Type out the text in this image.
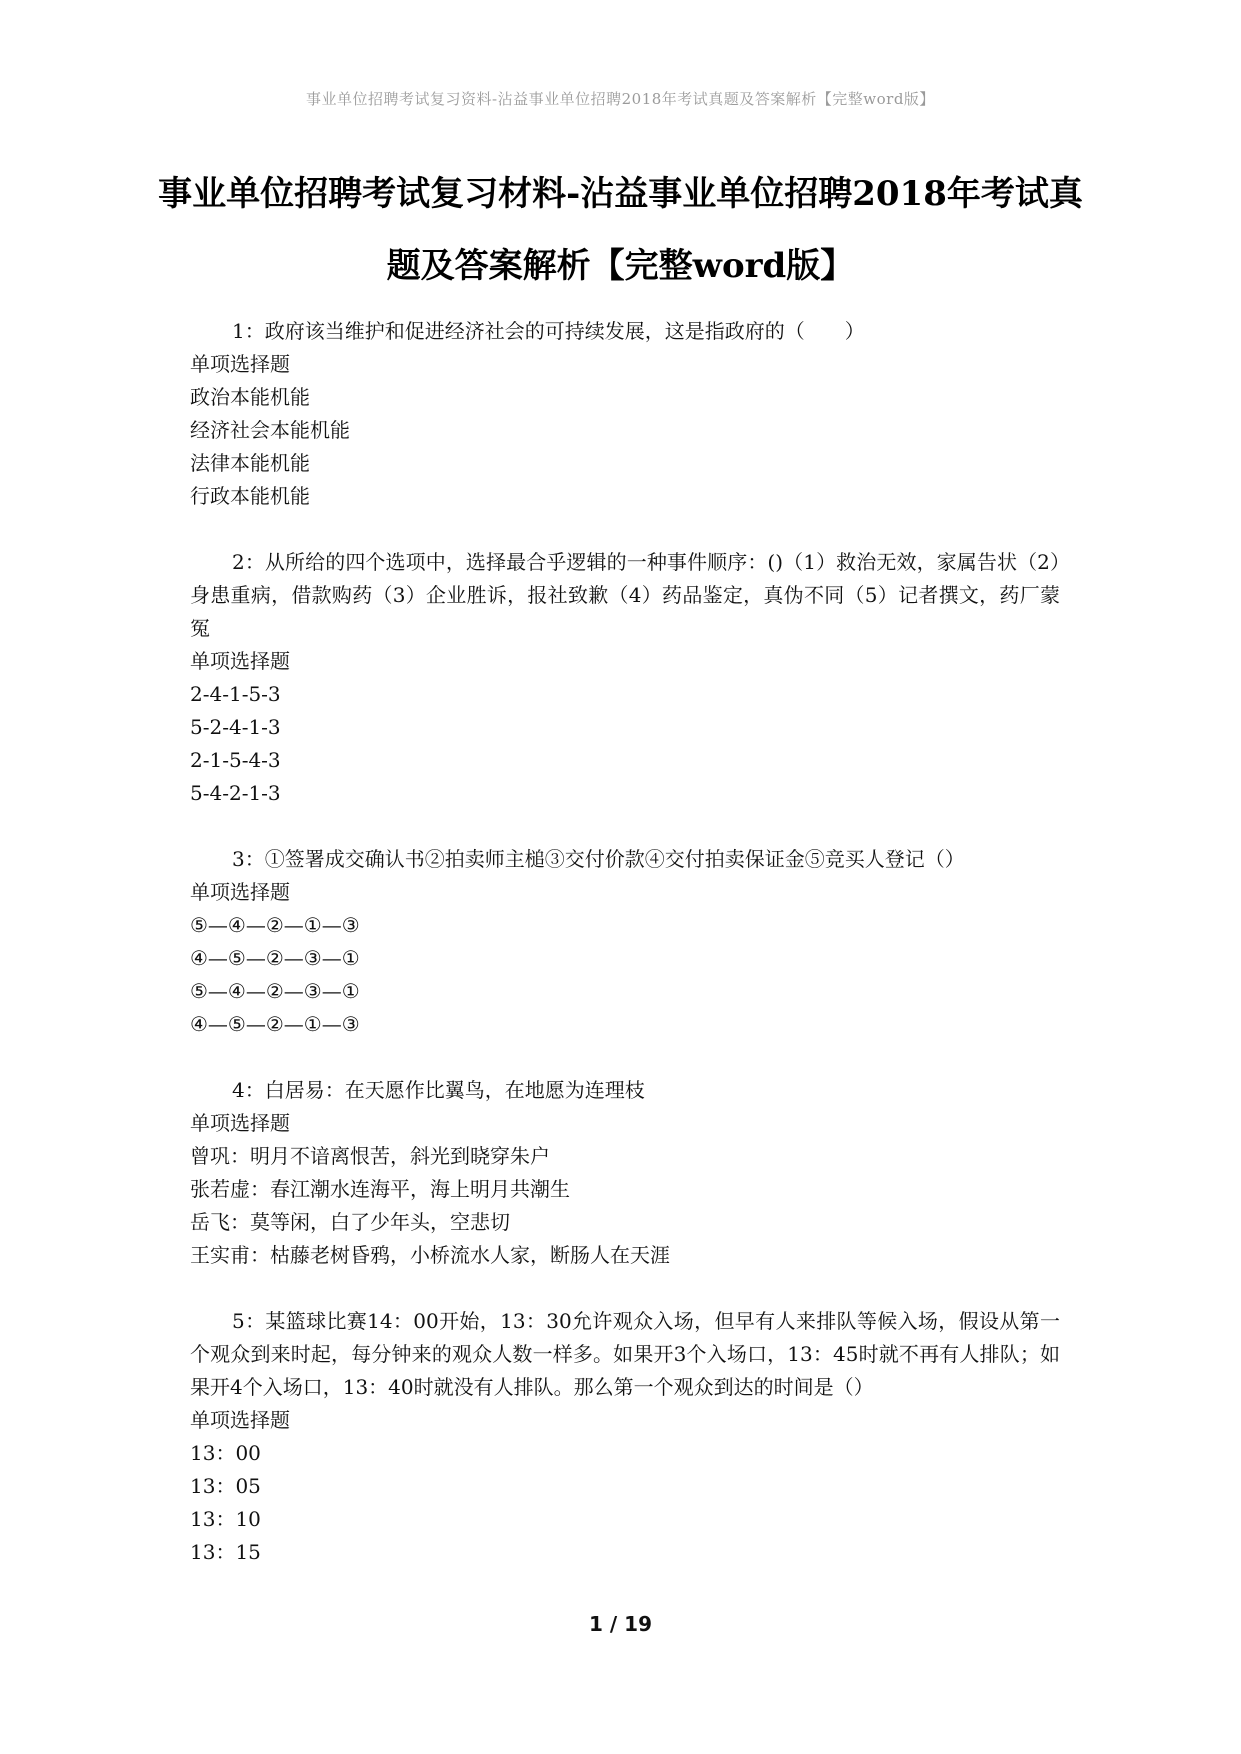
事业单位招聘考试复习资料-沾益事业单位招聘2018年考试真题及答案解析【完整word版】
事业单位招聘考试复习材料-沾益事业单位招聘2018年考试真题及答案解析【完整word版】
1：政府该当维护和促进经济社会的可持续发展，这是指政府的（　　）
单项选择题
政治本能机能
经济社会本能机能
法律本能机能
行政本能机能
2：从所给的四个选项中，选择最合乎逻辑的一种事件顺序：()（1）救治无效，家属告状（2）身患重病，借款购药（3）企业胜诉，报社致歉（4）药品鉴定，真伪不同（5）记者撰文，药厂蒙冤
单项选择题
2-4-1-5-3
5-2-4-1-3
2-1-5-4-3
5-4-2-1-3
3：①签署成交确认书②拍卖师主槌③交付价款④交付拍卖保证金⑤竞买人登记（）
单项选择题
⑤—④—②—①—③
④—⑤—②—③—①
⑤—④—②—③—①
④—⑤—②—①—③
4：白居易：在天愿作比翼鸟，在地愿为连理枝
单项选择题
曾巩：明月不谙离恨苦，斜光到晓穿朱户
张若虚：春江潮水连海平，海上明月共潮生
岳飞：莫等闲，白了少年头，空悲切
王实甫：枯藤老树昏鸦，小桥流水人家，断肠人在天涯
5：某篮球比赛14：00开始，13：30允许观众入场，但早有人来排队等候入场，假设从第一个观众到来时起，每分钟来的观众人数一样多。如果开3个入场口，13：45时就不再有人排队；如果开4个入场口，13：40时就没有人排队。那么第一个观众到达的时间是（）
单项选择题
13：00
13：05
13：10
13：15
1 / 19
